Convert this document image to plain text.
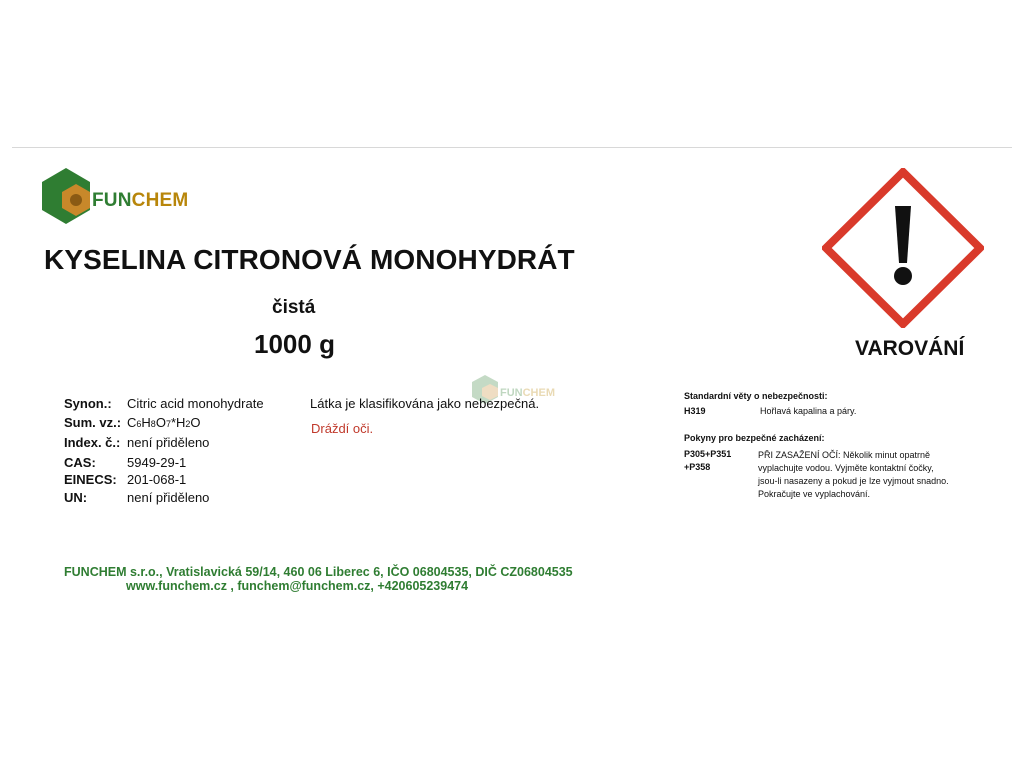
FUNCHEM
KYSELINA CITRONOVÁ MONOHYDRÁT
čistá
1000 g	VAROVÁNÍ
Synon.: Citric acid monohydrate
Sum. vz.: C6H8O7*H2O
Index. č.: není přiděleno
CAS: 5949-29-1
EINECS: 201-068-1
UN:	není přiděleno
FUNCHEM
Látka je klasifikována jako nebezpečná.
Dráždí oči.
Standardní věty o nebezpečnosti:
H319	Hořlavá kapalina a páry.
Pokyny pro bezpečné zacházení:
P305+P351
+P358
PŘI ZASAŽENÍ OČÍ: Několik minut opatrně
vyplachujte vodou. Vyjměte kontaktní čočky,
jsou-li nasazeny a pokud je lze vyjmout snadno.
Pokračujte ve vyplachování.
FUNCHEM s.r.o., Vratislavická 59/14, 460 06 Liberec 6, IČO 06804535, DIČ CZ06804535
www.funchem.cz , funchem@funchem.cz, +420605239474
